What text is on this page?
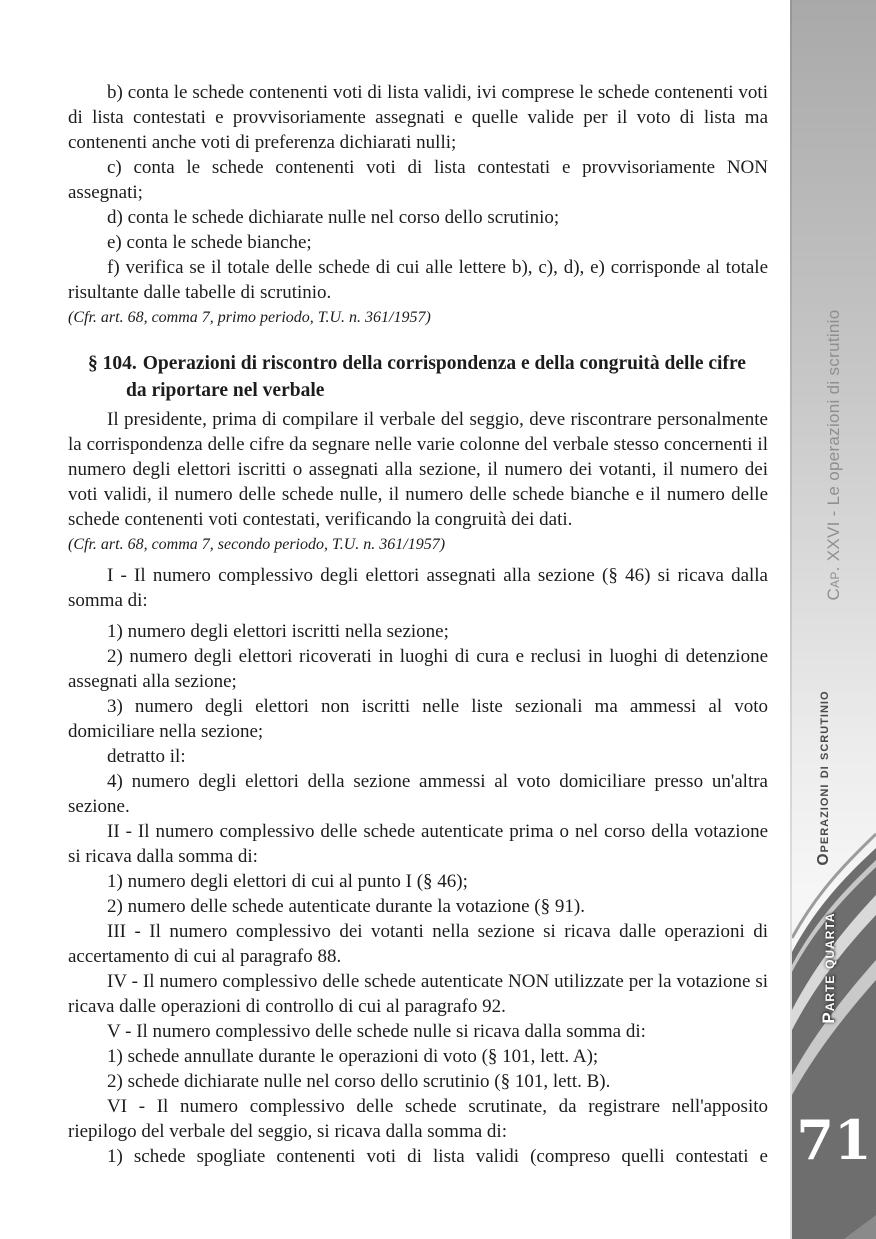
b) conta le schede contenenti voti di lista validi, ivi comprese le schede contenenti voti di lista contestati e provvisoriamente assegnati e quelle valide per il voto di lista ma contenenti anche voti di preferenza dichiarati nulli;

c) conta le schede contenenti voti di lista contestati e provvisoriamente NON assegnati;

d) conta le schede dichiarate nulle nel corso dello scrutinio;

e) conta le schede bianche;

f) verifica se il totale delle schede di cui alle lettere b), c), d), e) corrisponde al totale risultante dalle tabelle di scrutinio.

(Cfr. art. 68, comma 7, primo periodo, T.U. n. 361/1957)

§ 104. Operazioni di riscontro della corrispondenza e della congruità delle cifre da riportare nel verbale

Il presidente, prima di compilare il verbale del seggio, deve riscontrare personalmente la corrispondenza delle cifre da segnare nelle varie colonne del verbale stesso concernenti il numero degli elettori iscritti o assegnati alla sezione, il numero dei votanti, il numero dei voti validi, il numero delle schede nulle, il numero delle schede bianche e il numero delle schede contenenti voti contestati, verificando la congruità dei dati.

(Cfr. art. 68, comma 7, secondo periodo, T.U. n. 361/1957)

I - Il numero complessivo degli elettori assegnati alla sezione (§ 46) si ricava dalla somma di:

1) numero degli elettori iscritti nella sezione;

2) numero degli elettori ricoverati in luoghi di cura e reclusi in luoghi di detenzione assegnati alla sezione;

3) numero degli elettori non iscritti nelle liste sezionali ma ammessi al voto domiciliare nella sezione;

detratto il:

4) numero degli elettori della sezione ammessi al voto domiciliare presso un'altra sezione.

II - Il numero complessivo delle schede autenticate prima o nel corso della votazione si ricava dalla somma di:

1) numero degli elettori di cui al punto I (§ 46);

2) numero delle schede autenticate durante la votazione (§ 91).

III - Il numero complessivo dei votanti nella sezione si ricava dalle operazioni di accertamento di cui al paragrafo 88.

IV - Il numero complessivo delle schede autenticate NON utilizzate per la votazione si ricava dalle operazioni di controllo di cui al paragrafo 92.

V - Il numero complessivo delle schede nulle si ricava dalla somma di:

1) schede annullate durante le operazioni di voto (§ 101, lett. A);

2) schede dichiarate nulle nel corso dello scrutinio (§ 101, lett. B).

VI - Il numero complessivo delle schede scrutinate, da registrare nell'apposito riepilogo del verbale del seggio, si ricava dalla somma di:

1) schede spogliate contenenti voti di lista validi (compreso quelli contestati e

Cap. XXVI - Le operazioni di scrutinio
Operazioni di scrutinio
Parte quarta
71
